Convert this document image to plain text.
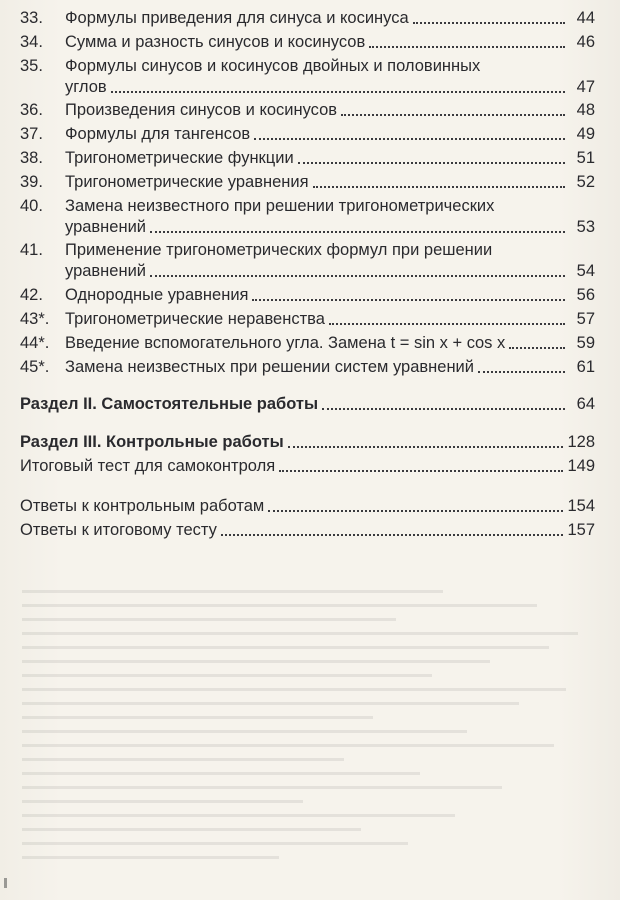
33.	Формулы приведения для синуса и косинуса	44
34.	Сумма и разность синусов и косинусов	46
35.	Формулы синусов и косинусов двойных и половинных
углов	47
36.	Произведения синусов и косинусов	48
37.	Формулы для тангенсов	49
38.	Тригонометрические функции	51
39.	Тригонометрические уравнения	52
40.	Замена неизвестного при решении тригонометрических
уравнений	53
41.	Применение тригонометрических формул при решении
уравнений	54
42.	Однородные уравнения	56
43*. Тригонометрические неравенства	57
44*. Введение вспомогательного угла. Замена t = sin x + cos x	59
45*. Замена неизвестных при решении систем уравнений	61
Раздел II. Самостоятельные работы	64
Раздел III. Контрольные работы	128
Итоговый тест для самоконтроля	149
Ответы к контрольным работам	154
Ответы к итоговому тесту	157
